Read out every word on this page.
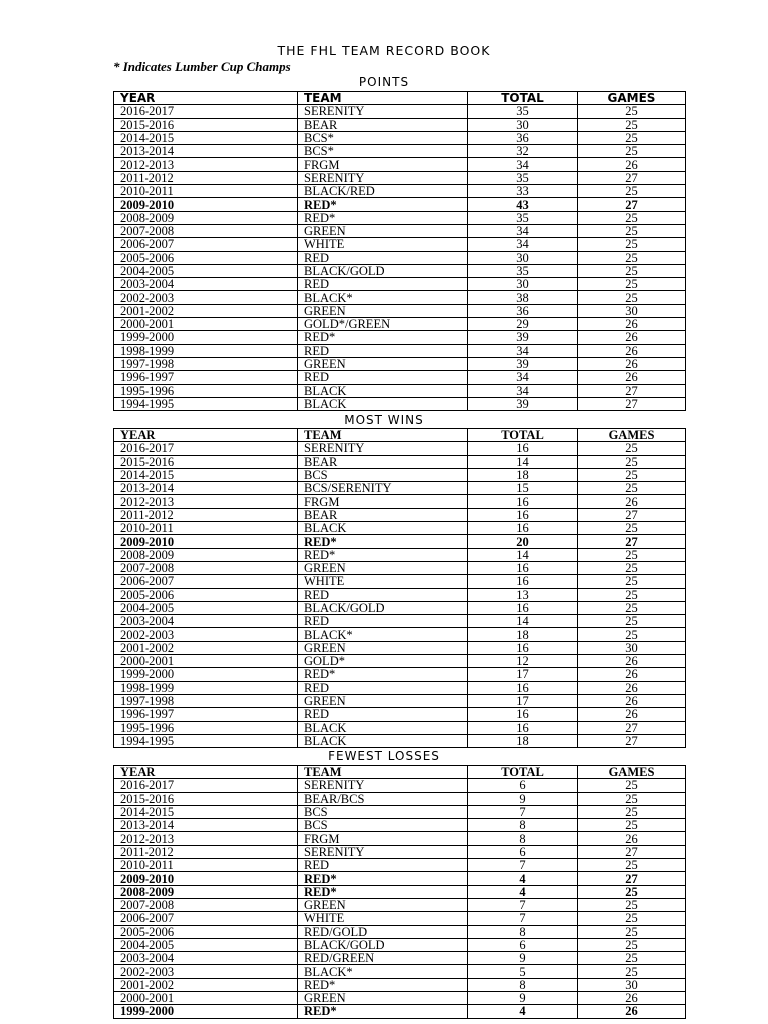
THE FHL TEAM RECORD BOOK
* Indicates Lumber Cup Champs
POINTS
YEAR	TEAM	TOTAL	GAMES
2016-2017	SERENITY	35	25
2015-2016	BEAR	30	25
2014-2015	BCS*	36	25
2013-2014	BCS*	32	25
2012-2013	FRGM	34	26
2011-2012	SERENITY	35	27
2010-2011	BLACK/RED	33	25
2009-2010	RED*	43	27
2008-2009	RED*	35	25
2007-2008	GREEN	34	25
2006-2007	WHITE	34	25
2005-2006	RED	30	25
2004-2005	BLACK/GOLD	35	25
2003-2004	RED	30	25
2002-2003	BLACK*	38	25
2001-2002	GREEN	36	30
2000-2001	GOLD*/GREEN	29	26
1999-2000	RED*	39	26
1998-1999	RED	34	26
1997-1998	GREEN	39	26
1996-1997	RED	34	26
1995-1996	BLACK	34	27
1994-1995	BLACK	39	27
MOST WINS
YEAR	TEAM	TOTAL	GAMES
2016-2017	SERENITY	16	25
2015-2016	BEAR	14	25
2014-2015	BCS	18	25
2013-2014	BCS/SERENITY	15	25
2012-2013	FRGM	16	26
2011-2012	BEAR	16	27
2010-2011	BLACK	16	25
2009-2010	RED*	20	27
2008-2009	RED*	14	25
2007-2008	GREEN	16	25
2006-2007	WHITE	16	25
2005-2006	RED	13	25
2004-2005	BLACK/GOLD	16	25
2003-2004	RED	14	25
2002-2003	BLACK*	18	25
2001-2002	GREEN	16	30
2000-2001	GOLD*	12	26
1999-2000	RED*	17	26
1998-1999	RED	16	26
1997-1998	GREEN	17	26
1996-1997	RED	16	26
1995-1996	BLACK	16	27
1994-1995	BLACK	18	27
FEWEST LOSSES
YEAR	TEAM	TOTAL	GAMES
2016-2017	SERENITY	6	25
2015-2016	BEAR/BCS	9	25
2014-2015	BCS	7	25
2013-2014	BCS	8	25
2012-2013	FRGM	8	26
2011-2012	SERENITY	6	27
2010-2011	RED	7	25
2009-2010	RED*	4	27
2008-2009	RED*	4	25
2007-2008	GREEN	7	25
2006-2007	WHITE	7	25
2005-2006	RED/GOLD	8	25
2004-2005	BLACK/GOLD	6	25
2003-2004	RED/GREEN	9	25
2002-2003	BLACK*	5	25
2001-2002	RED*	8	30
2000-2001	GREEN	9	26
1999-2000	RED*	4	26
